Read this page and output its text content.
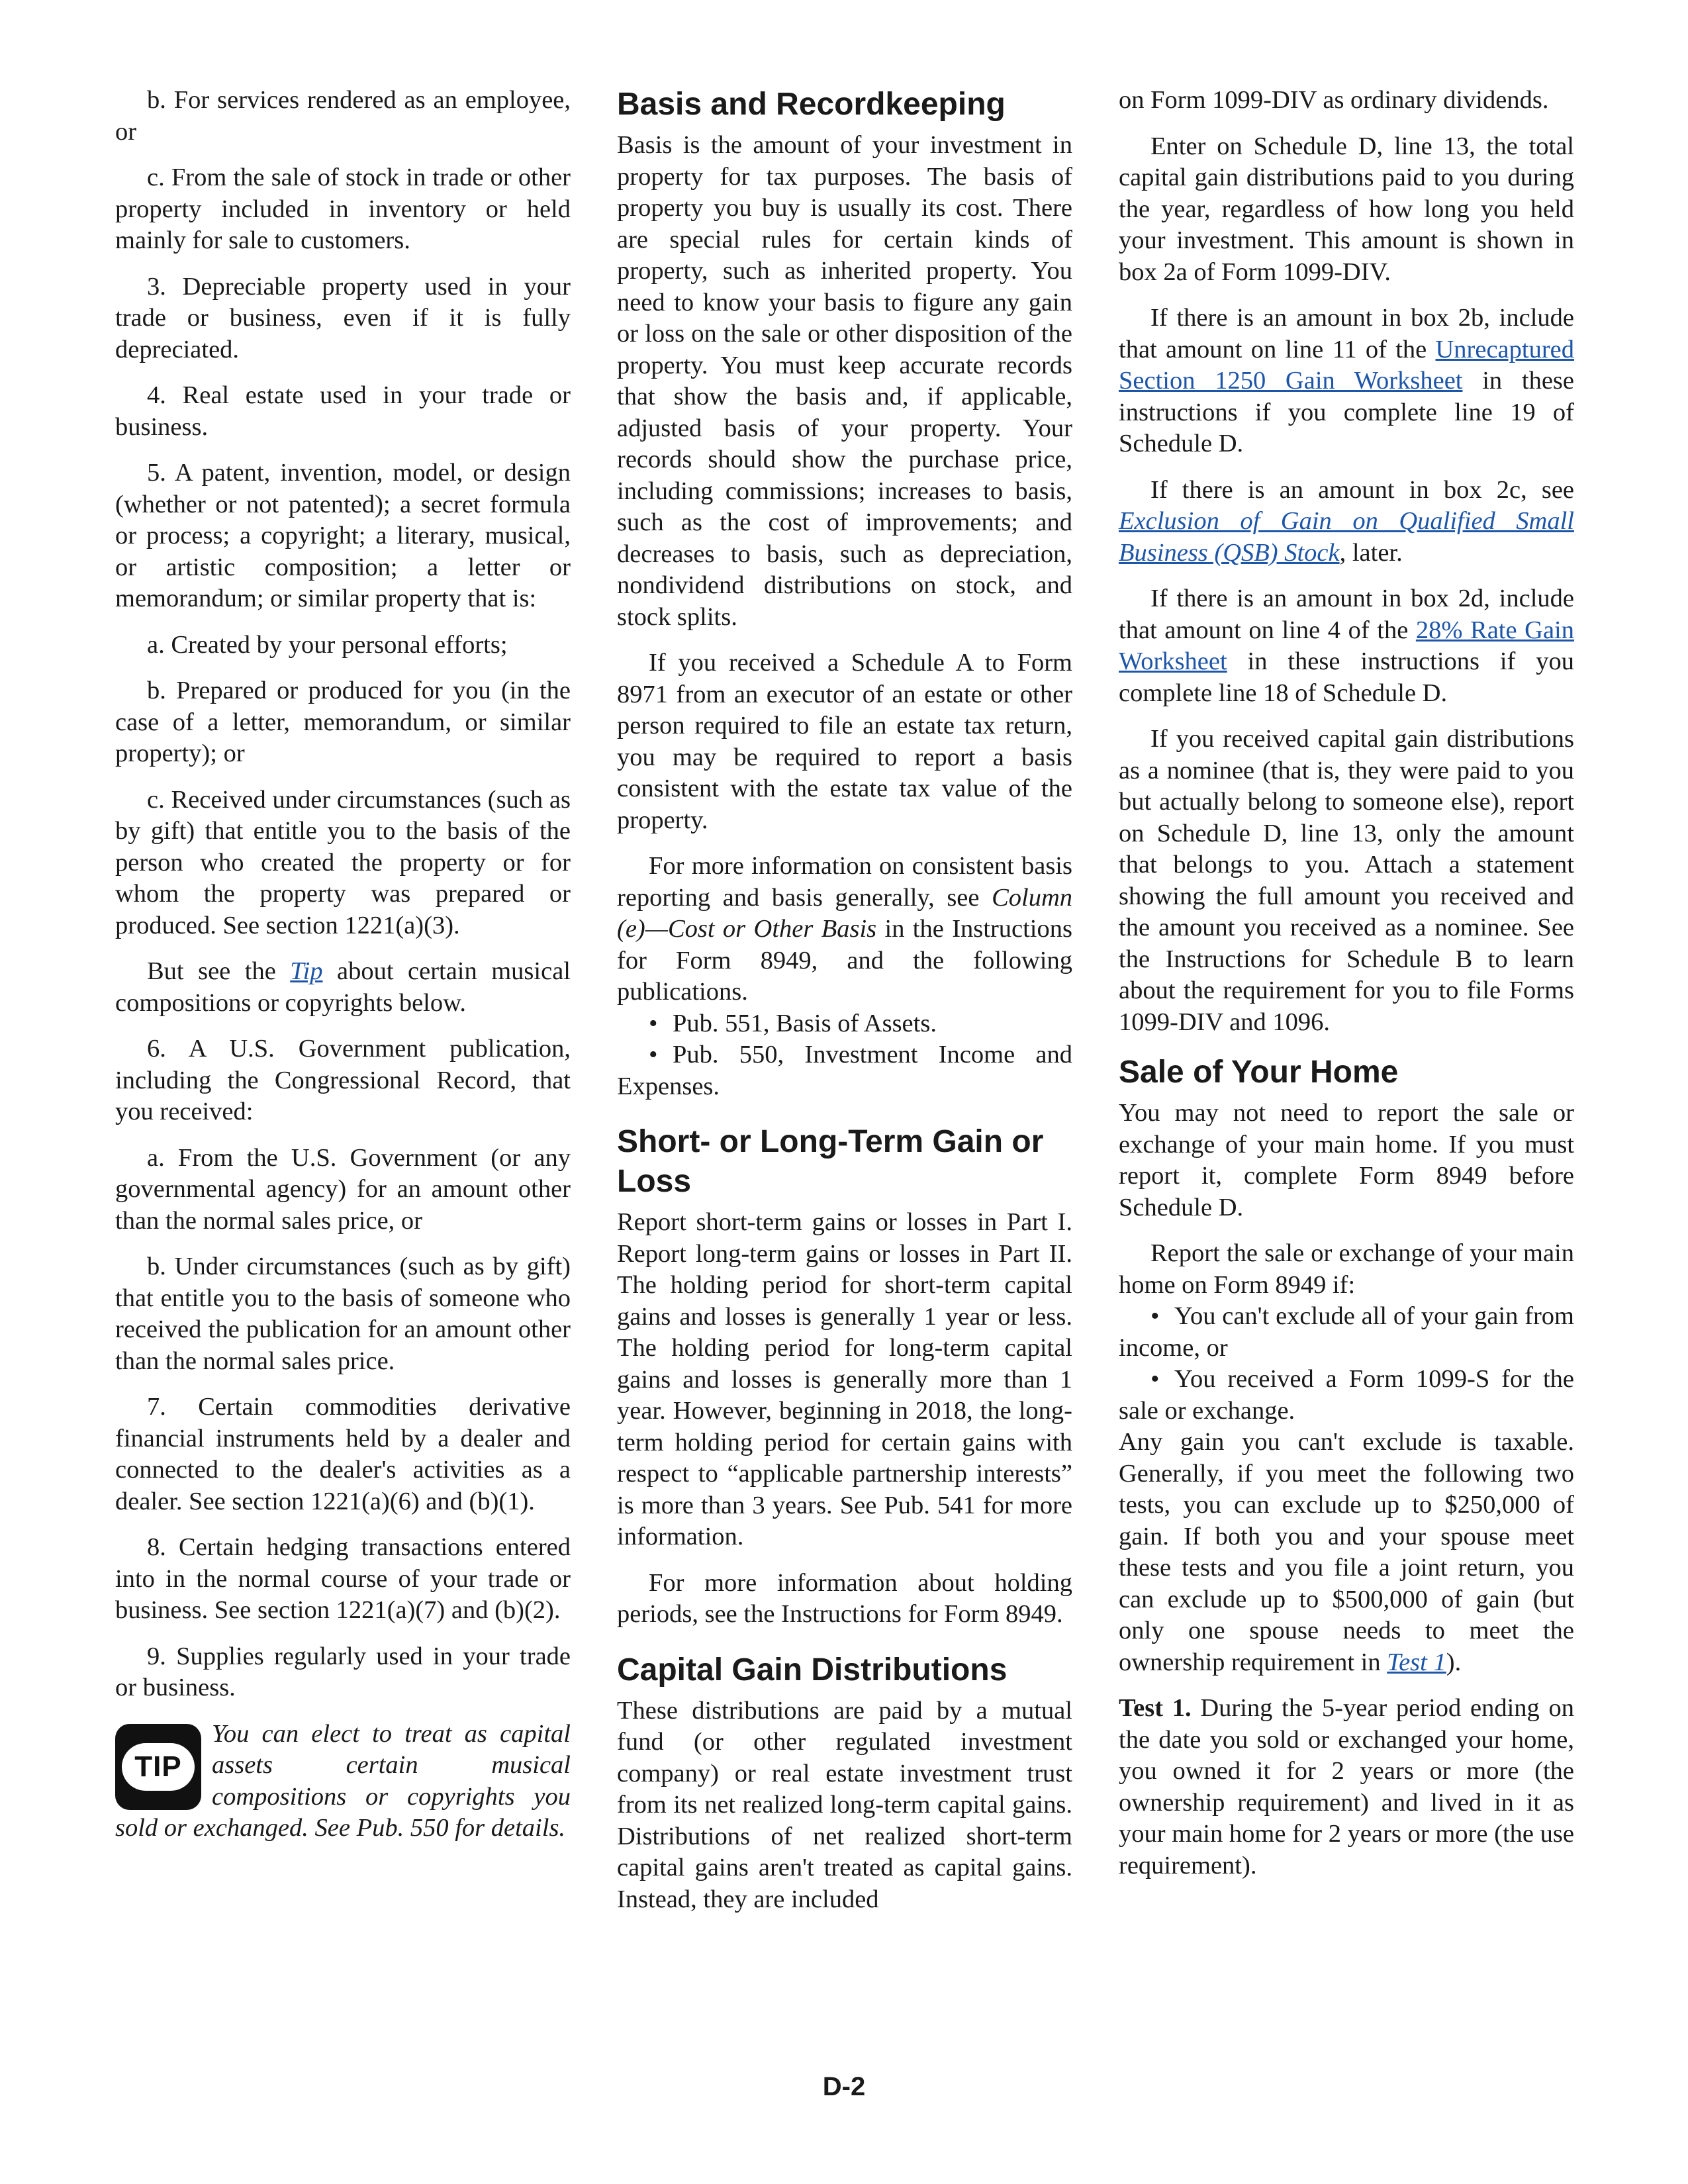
b. For services rendered as an employee, or

c. From the sale of stock in trade or other property included in inventory or held mainly for sale to customers.

3. Depreciable property used in your trade or business, even if it is fully depreciated.

4. Real estate used in your trade or business.

5. A patent, invention, model, or design (whether or not patented); a secret formula or process; a copyright; a literary, musical, or artistic composition; a letter or memorandum; or similar property that is:

a. Created by your personal efforts;

b. Prepared or produced for you (in the case of a letter, memorandum, or similar property); or

c. Received under circumstances (such as by gift) that entitle you to the basis of the person who created the property or for whom the property was prepared or produced. See section 1221(a)(3).

But see the Tip about certain musical compositions or copyrights below.

6. A U.S. Government publication, including the Congressional Record, that you received:

a. From the U.S. Government (or any governmental agency) for an amount other than the normal sales price, or

b. Under circumstances (such as by gift) that entitle you to the basis of someone who received the publication for an amount other than the normal sales price.

7. Certain commodities derivative financial instruments held by a dealer and connected to the dealer's activities as a dealer. See section 1221(a)(6) and (b)(1).

8. Certain hedging transactions entered into in the normal course of your trade or business. See section 1221(a)(7) and (b)(2).

9. Supplies regularly used in your trade or business.

TIP

You can elect to treat as capital assets certain musical compositions or copyrights you sold or exchanged. See Pub. 550 for details.

Basis and Recordkeeping

Basis is the amount of your investment in property for tax purposes. The basis of property you buy is usually its cost. There are special rules for certain kinds of property, such as inherited property. You need to know your basis to figure any gain or loss on the sale or other disposition of the property. You must keep accurate records that show the basis and, if applicable, adjusted basis of your property. Your records should show the purchase price, including commissions; increases to basis, such as the cost of improvements; and decreases to basis, such as depreciation, nondividend distributions on stock, and stock splits.

If you received a Schedule A to Form 8971 from an executor of an estate or other person required to file an estate tax return, you may be required to report a basis consistent with the estate tax value of the property.

For more information on consistent basis reporting and basis generally, see Column (e)—Cost or Other Basis in the Instructions for Form 8949, and the following publications.

• Pub. 551, Basis of Assets.

• Pub. 550, Investment Income and Expenses.

Short- or Long-Term Gain or Loss

Report short-term gains or losses in Part I. Report long-term gains or losses in Part II. The holding period for short-term capital gains and losses is generally 1 year or less. The holding period for long-term capital gains and losses is generally more than 1 year. However, beginning in 2018, the long-term holding period for certain gains with respect to “applicable partnership interests” is more than 3 years. See Pub. 541 for more information.

For more information about holding periods, see the Instructions for Form 8949.

Capital Gain Distributions

These distributions are paid by a mutual fund (or other regulated investment company) or real estate investment trust from its net realized long-term capital gains. Distributions of net realized short-term capital gains aren't treated as capital gains. Instead, they are included

on Form 1099-DIV as ordinary dividends.

Enter on Schedule D, line 13, the total capital gain distributions paid to you during the year, regardless of how long you held your investment. This amount is shown in box 2a of Form 1099-DIV.

If there is an amount in box 2b, include that amount on line 11 of the Unrecaptured Section 1250 Gain Worksheet in these instructions if you complete line 19 of Schedule D.

If there is an amount in box 2c, see Exclusion of Gain on Qualified Small Business (QSB) Stock, later.

If there is an amount in box 2d, include that amount on line 4 of the 28% Rate Gain Worksheet in these instructions if you complete line 18 of Schedule D.

If you received capital gain distributions as a nominee (that is, they were paid to you but actually belong to someone else), report on Schedule D, line 13, only the amount that belongs to you. Attach a statement showing the full amount you received and the amount you received as a nominee. See the Instructions for Schedule B to learn about the requirement for you to file Forms 1099-DIV and 1096.

Sale of Your Home

You may not need to report the sale or exchange of your main home. If you must report it, complete Form 8949 before Schedule D.

Report the sale or exchange of your main home on Form 8949 if:

• You can't exclude all of your gain from income, or

• You received a Form 1099-S for the sale or exchange.

Any gain you can't exclude is taxable. Generally, if you meet the following two tests, you can exclude up to $250,000 of gain. If both you and your spouse meet these tests and you file a joint return, you can exclude up to $500,000 of gain (but only one spouse needs to meet the ownership requirement in Test 1).

Test 1. During the 5-year period ending on the date you sold or exchanged your home, you owned it for 2 years or more (the ownership requirement) and lived in it as your main home for 2 years or more (the use requirement).

D-2
